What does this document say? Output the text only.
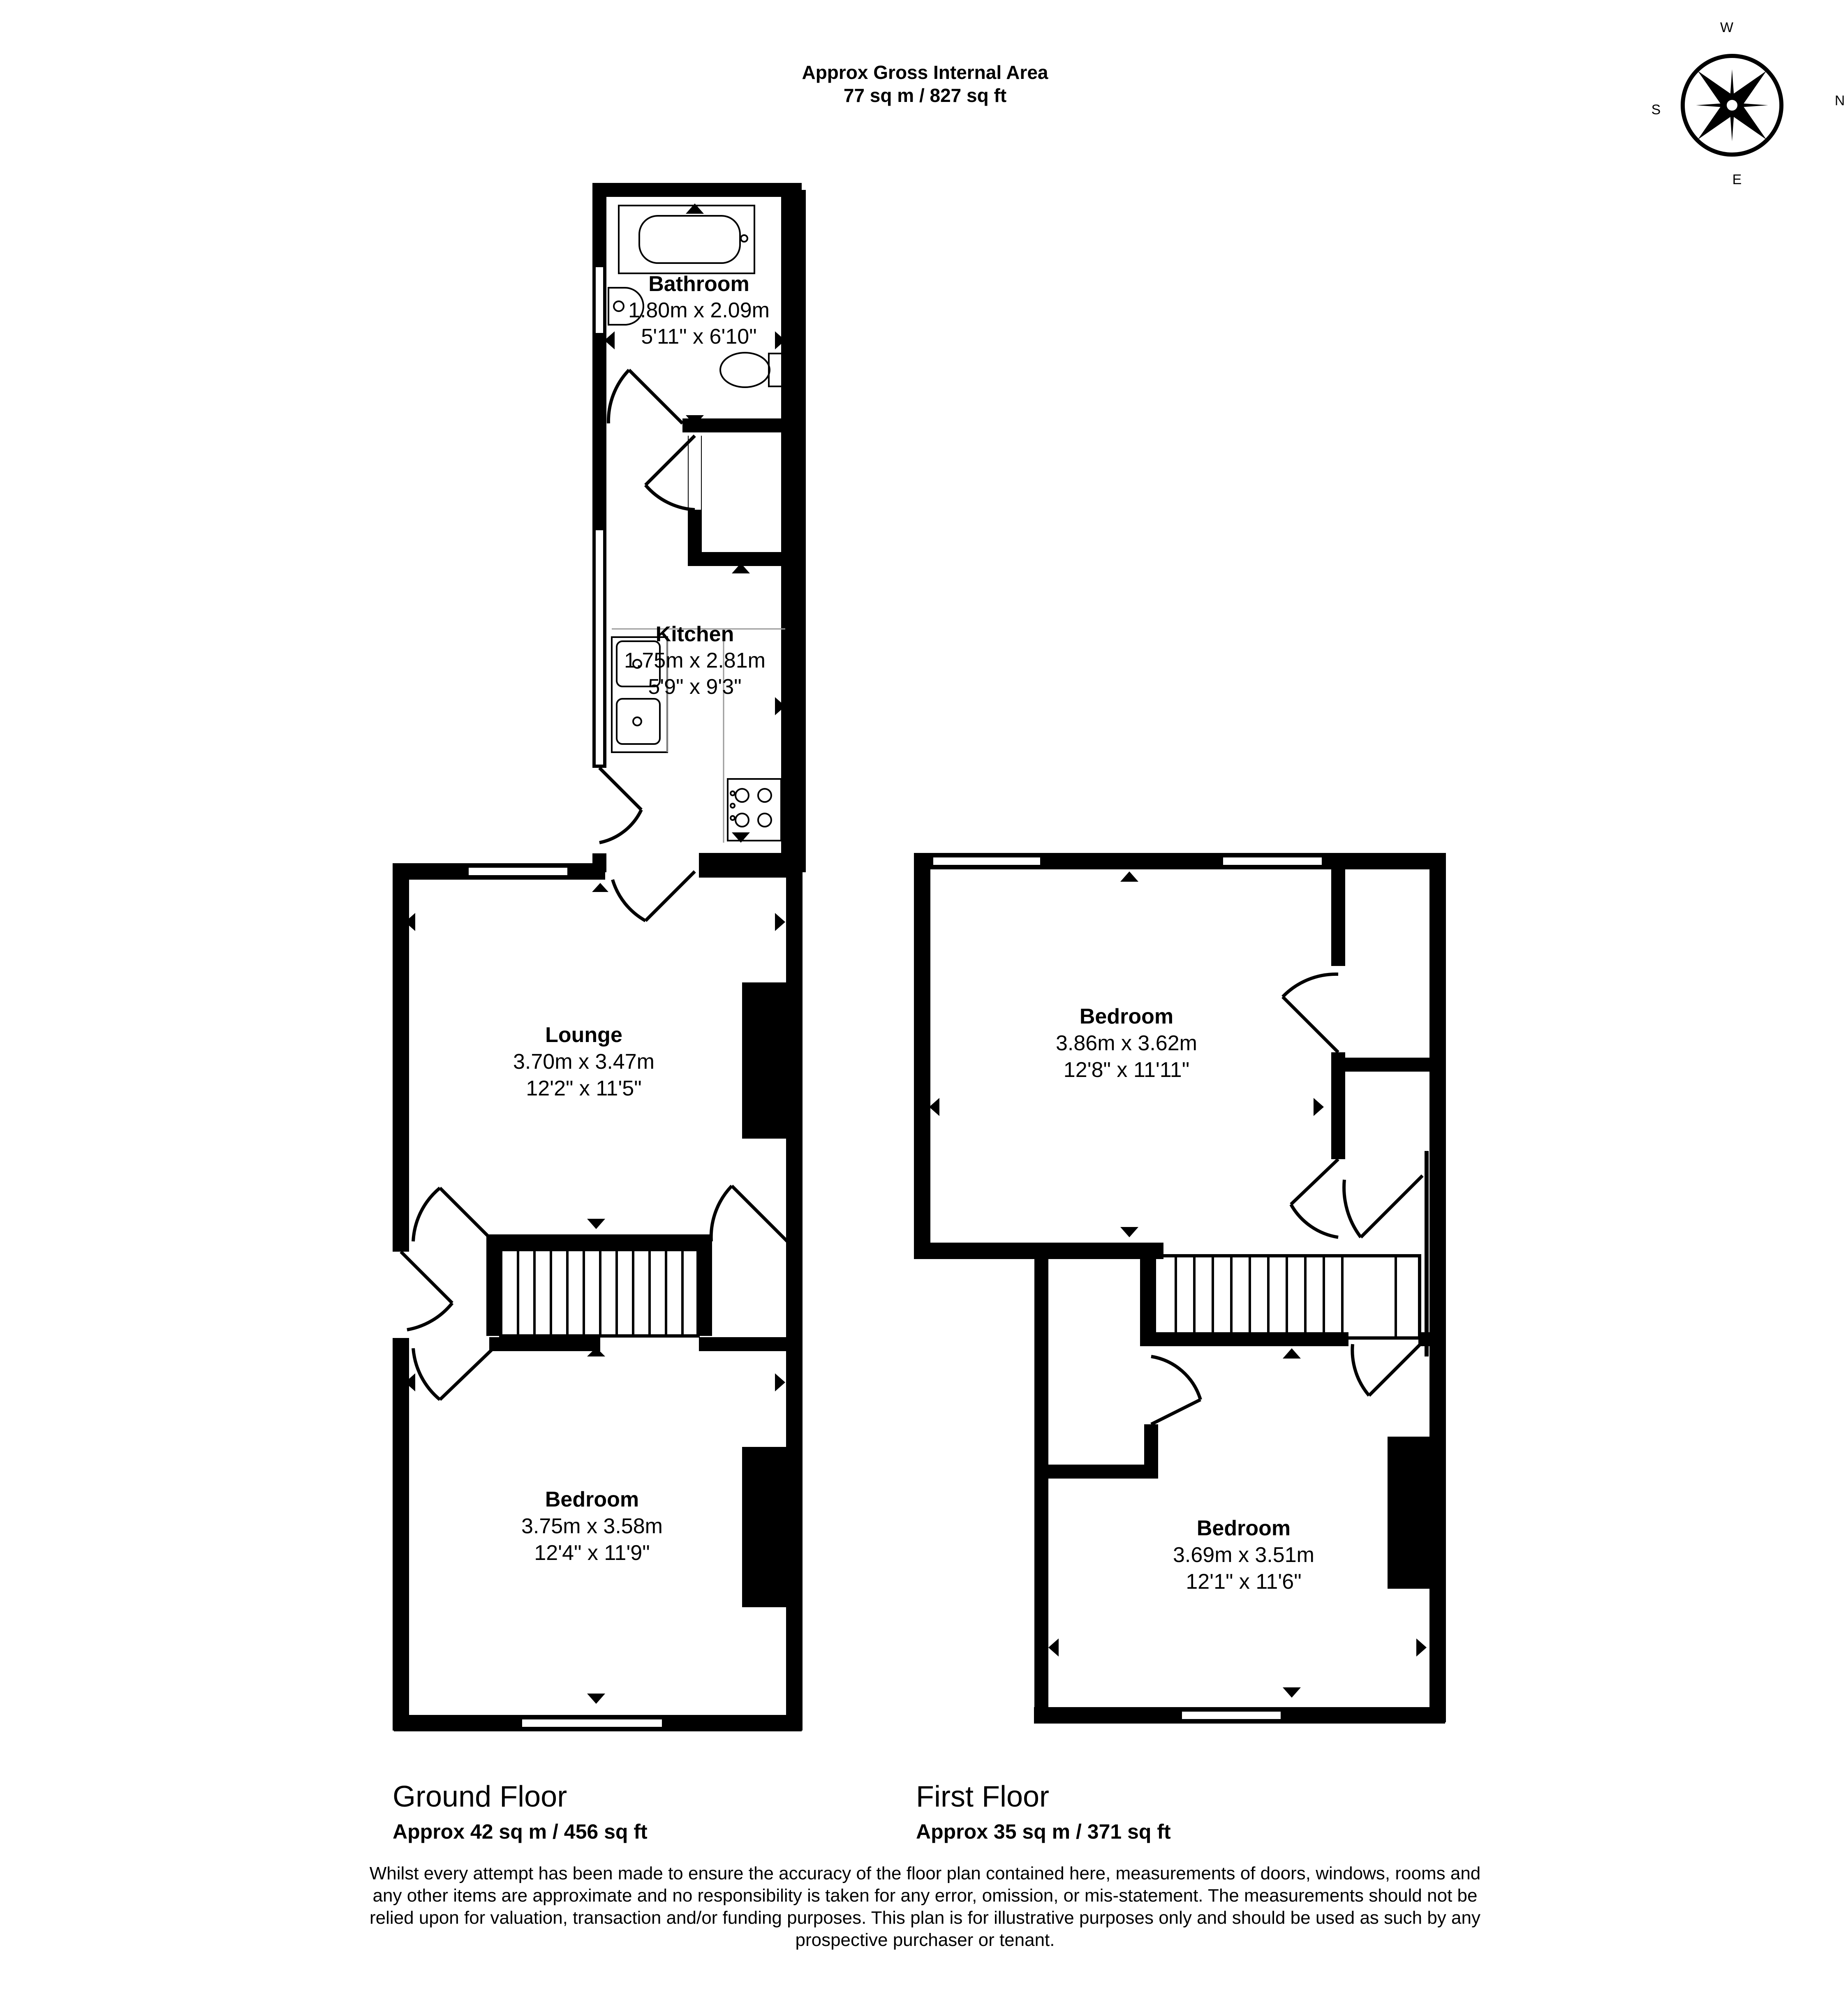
Approx Gross Internal Area
77 sq m / 827 sq ft	N
E
S
W
Bathroom
1.80m x 2.09m
5'11" x 6'10"
Kitchen
1.75m x 2.81m
5'9" x 9'3"
Lounge
3.70m x 3.47m
12'2" x 11'5"
Bedroom
3.75m x 3.58m
12'4" x 11'9"
Bedroom
3.86m x 3.62m
12'8" x 11'11"
Bedroom
3.69m x 3.51m
12'1" x 11'6"
Ground Floor
Approx 42 sq m / 456 sq ft
First Floor
Approx 35 sq m / 371 sq ft
Whilst every attempt has been made to ensure the accuracy of the floor plan contained here, measurements of doors, windows, rooms and
any other items are approximate and no responsibility is taken for any error, omission, or mis-statement. The measurements should not be
relied upon for valuation, transaction and/or funding purposes. This plan is for illustrative purposes only and should be used as such by any
prospective purchaser or tenant.
